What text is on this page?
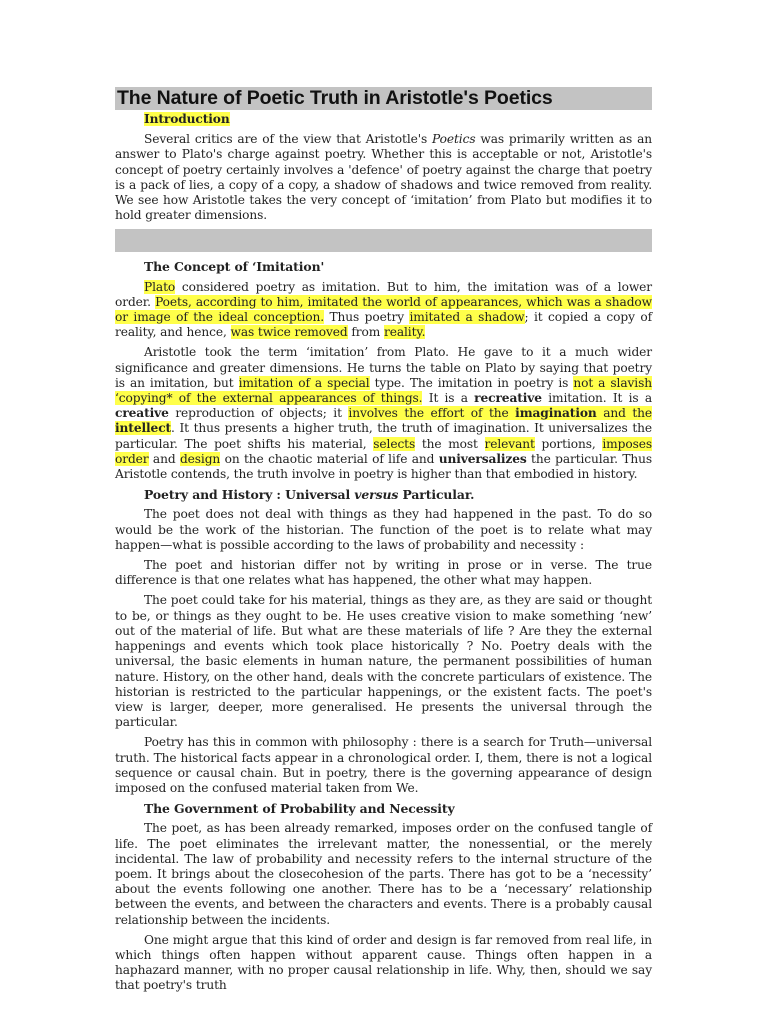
The Nature of Poetic Truth in Aristotle's Poetics
Introduction

Several critics are of the view that Aristotle's Poetics was primarily written as an answer to Plato's charge against poetry. Whether this is acceptable or not, Aristotle's concept of poetry certainly involves a 'defence' of poetry against the charge that poetry is a pack of lies, a copy of a copy, a shadow of shadows and twice removed from reality. We see how Aristotle takes the very concept of ‘imitation’ from Plato but modifies it to hold greater dimensions.

The Concept of ‘Imitation'

Plato considered poetry as imitation. But to him, the imitation was of a lower order. Poets, according to him, imitated the world of appearances, which was a shadow or image of the ideal conception. Thus poetry imitated a shadow; it copied a copy of reality, and hence, was twice removed from reality.

Aristotle took the term ‘imitation’ from Plato. He gave to it a much wider significance and greater dimensions. He turns the table on Plato by saying that poetry is an imitation, but imitation of a special type. The imitation in poetry is not a slavish ‘copying* of the external appearances of things. It is a recreative imitation. It is a creative reproduction of objects; it involves the effort of the imagination and the intellect. It thus presents a higher truth, the truth of imagination. It universalizes the particular. The poet shifts his material, selects the most relevant portions, imposes order and design on the chaotic material of life and universalizes the particular. Thus Aristotle contends, the truth involve in poetry is higher than that embodied in history.

Poetry and History : Universal versus Particular.

The poet does not deal with things as they had happened in the past. To do so would be the work of the historian. The function of the poet is to relate what may happen—what is possible according to the laws of probability and necessity :

The poet and historian differ not by writing in prose or in verse. The true difference is that one relates what has happened, the other what may happen.

The poet could take for his material, things as they are, as they are said or thought to be, or things as they ought to be. He uses creative vision to make something ‘new’ out of the material of life. But what are these materials of life ? Are they the external happenings and events which took place historically ? No. Poetry deals with the universal, the basic elements in human nature, the permanent possibilities of human nature. History, on the other hand, deals with the concrete particulars of existence. The historian is restricted to the particular happenings, or the existent facts. The poet's view is larger, deeper, more generalised. He presents the universal through the particular.

Poetry has this in common with philosophy : there is a search for Truth—universal truth. The historical facts appear in a chronological order. I, them, there is not a logical sequence or causal chain. But in poetry, there is the governing appearance of design imposed on the confused material taken from We.

The Government of Probability and Necessity

The poet, as has been already remarked, imposes order on the confused tangle of life. The poet eliminates the irrelevant matter, the nonessential, or the merely incidental. The law of probability and necessity refers to the internal structure of the poem. It brings about the closecohesion of the parts. There has got to be a ‘necessity’ about the events following one another. There has to be a ‘necessary’ relationship between the events, and between the characters and events. There is a probably causal relationship between the incidents.

One might argue that this kind of order and design is far removed from real life, in which things often happen without apparent cause. Things often happen in a haphazard manner, with no proper causal relationship in life. Why, then, should we say that poetry's truth
